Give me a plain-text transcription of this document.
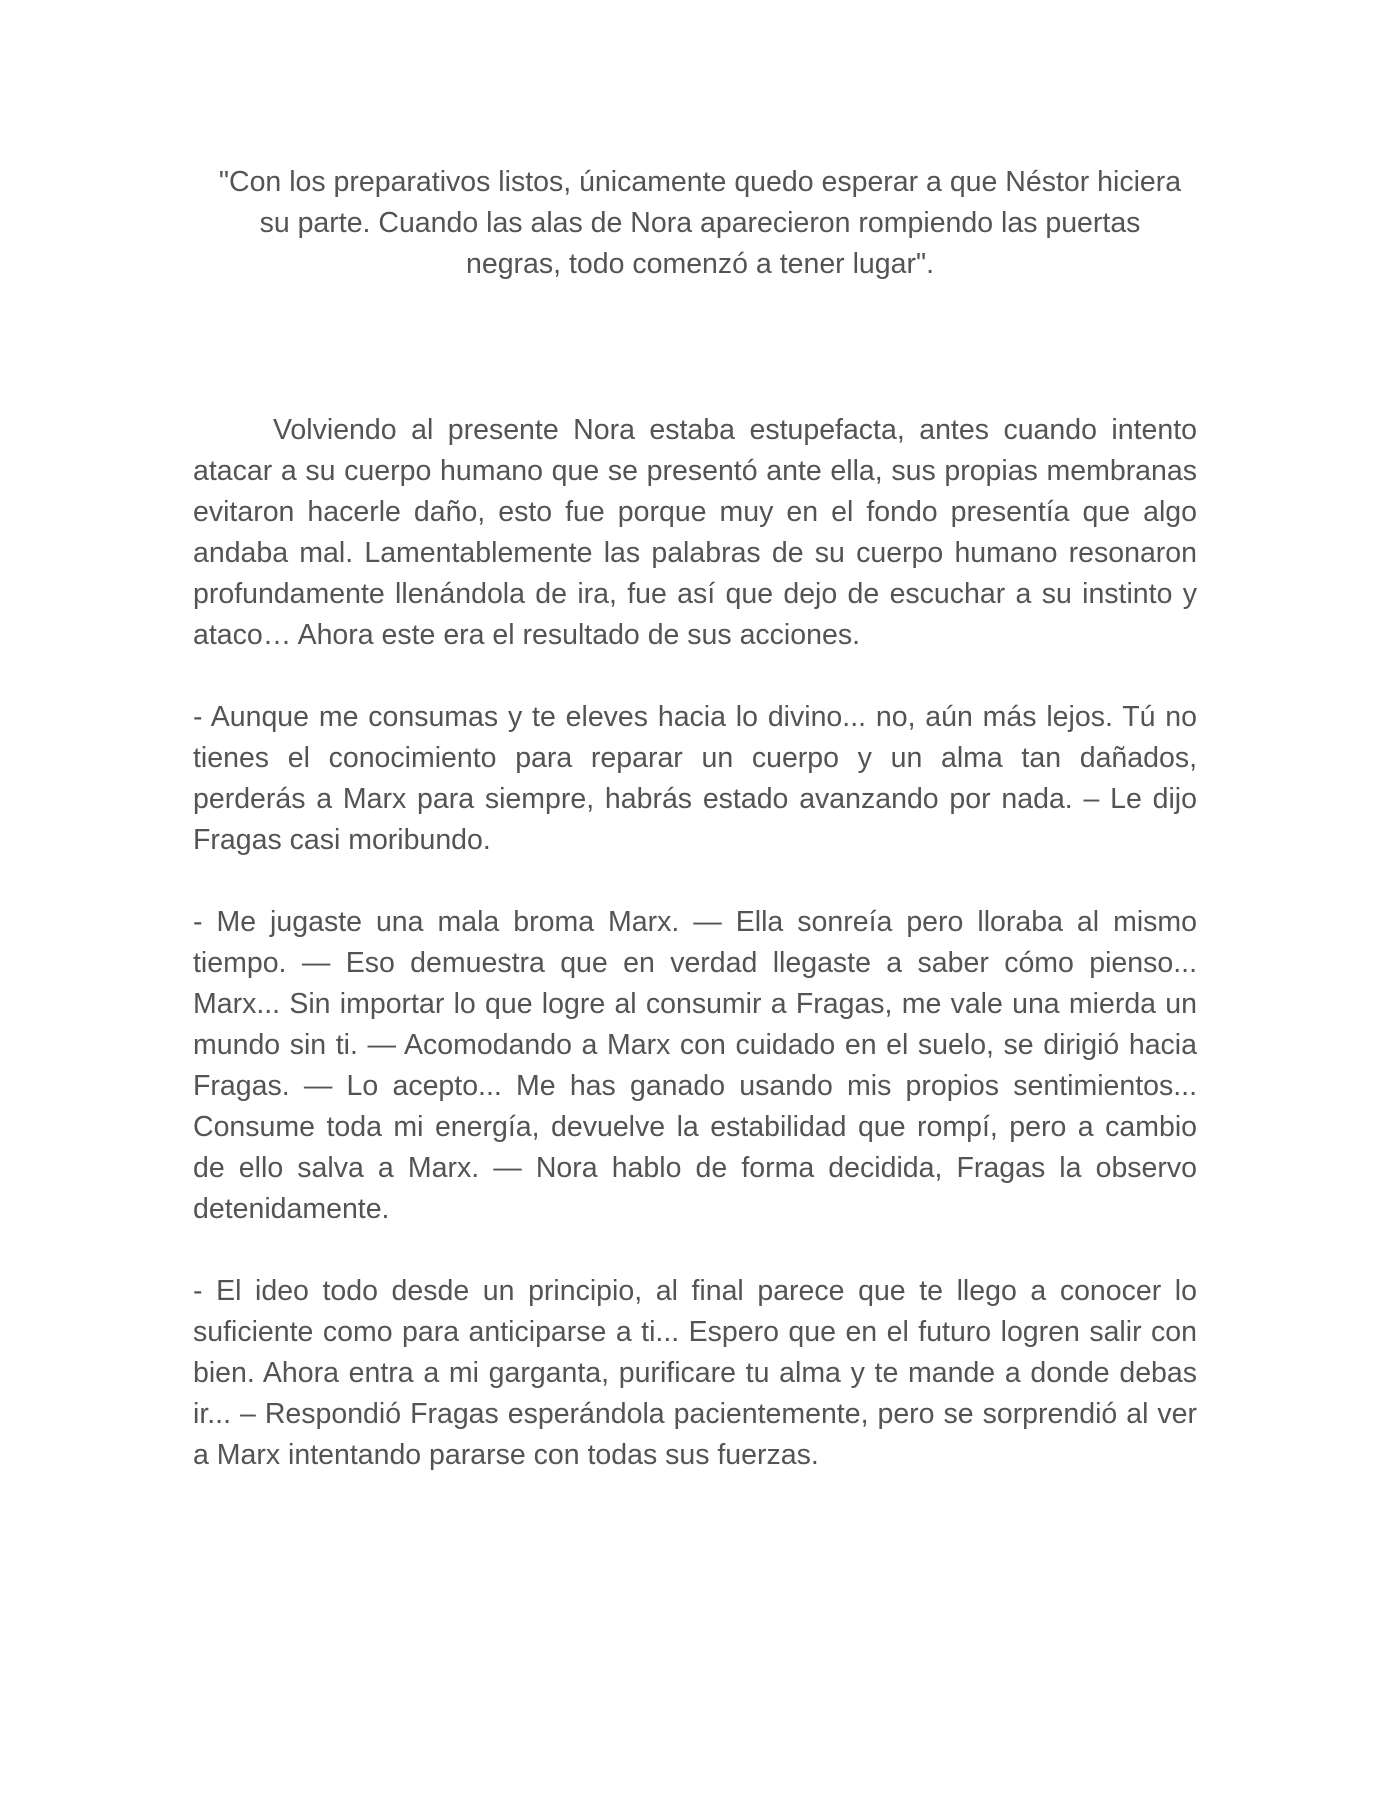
"Con los preparativos listos, únicamente quedo esperar a que Néstor hiciera su parte. Cuando las alas de Nora aparecieron rompiendo las puertas negras, todo comenzó a tener lugar".

Volviendo al presente Nora estaba estupefacta, antes cuando intento atacar a su cuerpo humano que se presentó ante ella, sus propias membranas evitaron hacerle daño, esto fue porque muy en el fondo presentía que algo andaba mal. Lamentablemente las palabras de su cuerpo humano resonaron profundamente llenándola de ira, fue así que dejo de escuchar a su instinto y ataco… Ahora este era el resultado de sus acciones.

- Aunque me consumas y te eleves hacia lo divino... no, aún más lejos. Tú no tienes el conocimiento para reparar un cuerpo y un alma tan dañados, perderás a Marx para siempre, habrás estado avanzando por nada. – Le dijo Fragas casi moribundo.

- Me jugaste una mala broma Marx. — Ella sonreía pero lloraba al mismo tiempo. — Eso demuestra que en verdad llegaste a saber cómo pienso... Marx... Sin importar lo que logre al consumir a Fragas, me vale una mierda un mundo sin ti. — Acomodando a Marx con cuidado en el suelo, se dirigió hacia Fragas. — Lo acepto... Me has ganado usando mis propios sentimientos... Consume toda mi energía, devuelve la estabilidad que rompí, pero a cambio de ello salva a Marx. — Nora hablo de forma decidida, Fragas la observo detenidamente.

- El ideo todo desde un principio, al final parece que te llego a conocer lo suficiente como para anticiparse a ti... Espero que en el futuro logren salir con bien. Ahora entra a mi garganta, purificare tu alma y te mande a donde debas ir... – Respondió Fragas esperándola pacientemente, pero se sorprendió al ver a Marx intentando pararse con todas sus fuerzas.
